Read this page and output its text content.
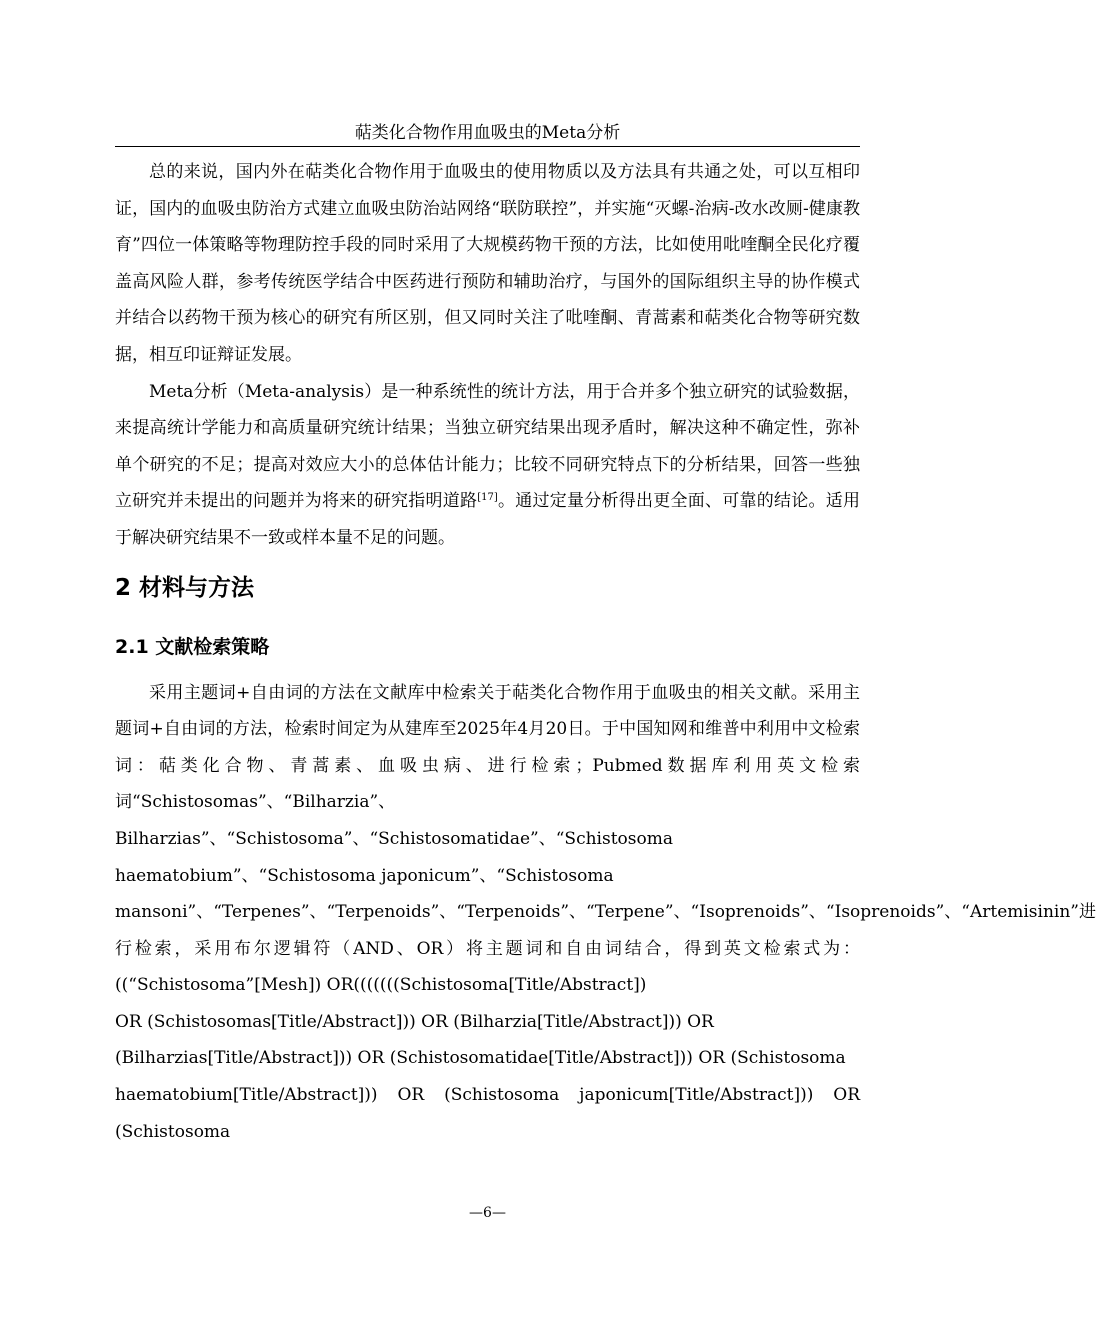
萜类化合物作用血吸虫的Meta分析

总的来说，国内外在萜类化合物作用于血吸虫的使用物质以及方法具有共通之处，可以互相印证，国内的血吸虫防治方式建立血吸虫防治站网络“联防联控”，并实施“灭螺-治病-改水改厕-健康教育”四位一体策略等物理防控手段的同时采用了大规模药物干预的方法，比如使用吡喹酮全民化疗覆盖高风险人群，参考传统医学结合中医药进行预防和辅助治疗，与国外的国际组织主导的协作模式并结合以药物干预为核心的研究有所区别，但又同时关注了吡喹酮、青蒿素和萜类化合物等研究数据，相互印证辩证发展。

Meta分析（Meta-analysis）是一种系统性的统计方法，用于合并多个独立研究的试验数据，来提高统计学能力和高质量研究统计结果；当独立研究结果出现矛盾时，解决这种不确定性，弥补单个研究的不足；提高对效应大小的总体估计能力；比较不同研究特点下的分析结果，回答一些独立研究并未提出的问题并为将来的研究指明道路[17]。通过定量分析得出更全面、可靠的结论。适用于解决研究结果不一致或样本量不足的问题。

2 材料与方法
2.1 文献检索策略

采用主题词+自由词的方法在文献库中检索关于萜类化合物作用于血吸虫的相关文献。采用主题词+自由词的方法，检索时间定为从建库至2025年4月20日。于中国知网和维普中利用中文检索词：萜类化合物、青蒿素、血吸虫病、进行检索；Pubmed数据库利用英文检索词“Schistosomas”、“Bilharzia”、

Bilharzias”、“Schistosoma”、“Schistosomatidae”、“Schistosoma

haematobium”、“Schistosoma japonicum”、“Schistosoma

mansoni”、“Terpenes”、“Terpenoids”、“Terpenoids”、“Terpene”、“Isoprenoids”、“Isoprenoids”、“Artemisinin”进行检索，采用布尔逻辑符（AND、OR）将主题词和自由词结合，得到英文检索式为：((“Schistosoma”[Mesh]) OR(((((((Schistosoma[Title/Abstract])

OR (Schistosomas[Title/Abstract])) OR (Bilharzia[Title/Abstract])) OR

(Bilharzias[Title/Abstract])) OR (Schistosomatidae[Title/Abstract])) OR (Schistosoma

haematobium[Title/Abstract])) OR (Schistosoma japonicum[Title/Abstract])) OR (Schistosoma

—6—
